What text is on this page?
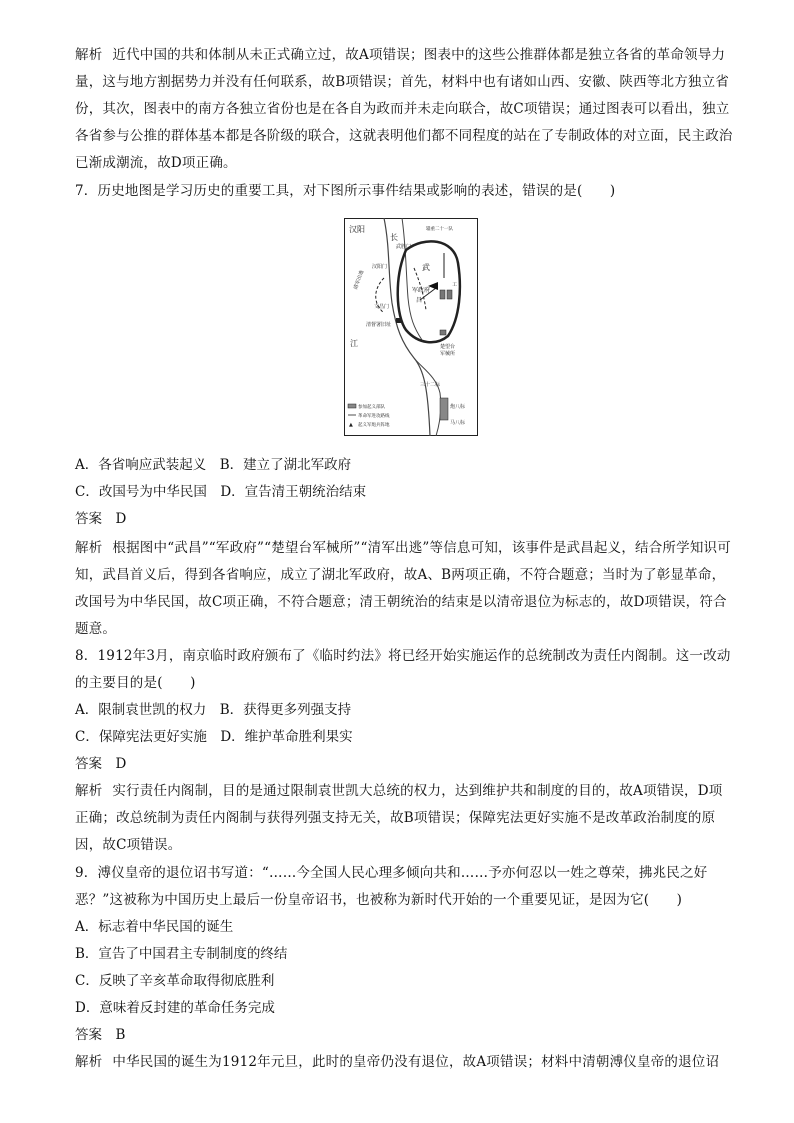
解析 近代中国的共和体制从未正式确立过，故A项错误；图表中的这些公推群体都是独立各省的革命领导力量，这与地方割据势力并没有任何联系，故B项错误；首先，材料中也有诸如山西、安徽、陕西等北方独立省份，其次，图表中的南方各独立省份也是在各自为政而并未走向联合，故C项错误；通过图表可以看出，独立各省参与公推的群体基本都是各阶级的联合，这就表明他们都不同程度的站在了专制政体的对立面，民主政治已渐成潮流，故D项正确。

7．历史地图是学习历史的重要工具，对下图所示事件结果或影响的表述，错误的是(　　)

汉阳
长
武
江
武胜门
汉阳门
军政府
昌
文昌门
清督署旧址
楚望台
军械所
工
清军出逃
辎重二十一队
三十二标
炮八标
马八标
参加起义部队
革命军进攻路线
▲ 起义军炮兵阵地

A．各省响应武装起义　B．建立了湖北军政府

C．改国号为中华民国　D．宣告清王朝统治结束

答案　D

解析 根据图中“武昌”“军政府”“楚望台军械所”“清军出逃”等信息可知，该事件是武昌起义，结合所学知识可知，武昌首义后，得到各省响应，成立了湖北军政府，故A、B两项正确，不符合题意；当时为了彰显革命，改国号为中华民国，故C项正确，不符合题意；清王朝统治的结束是以清帝退位为标志的，故D项错误，符合题意。

8．1912年3月，南京临时政府颁布了《临时约法》将已经开始实施运作的总统制改为责任内阁制。这一改动的主要目的是(　　)

A．限制袁世凯的权力　B．获得更多列强支持

C．保障宪法更好实施　D．维护革命胜利果实

答案　D

解析 实行责任内阁制，目的是通过限制袁世凯大总统的权力，达到维护共和制度的目的，故A项错误，D项正确；改总统制为责任内阁制与获得列强支持无关，故B项错误；保障宪法更好实施不是改革政治制度的原因，故C项错误。

9．溥仪皇帝的退位诏书写道：“……今全国人民心理多倾向共和……予亦何忍以一姓之尊荣，拂兆民之好恶？”这被称为中国历史上最后一份皇帝诏书，也被称为新时代开始的一个重要见证，是因为它(　　)

A．标志着中华民国的诞生

B．宣告了中国君主专制制度的终结

C．反映了辛亥革命取得彻底胜利

D．意味着反封建的革命任务完成

答案　B

解析 中华民国的诞生为1912年元旦，此时的皇帝仍没有退位，故A项错误；材料中清朝溥仪皇帝的退位诏
